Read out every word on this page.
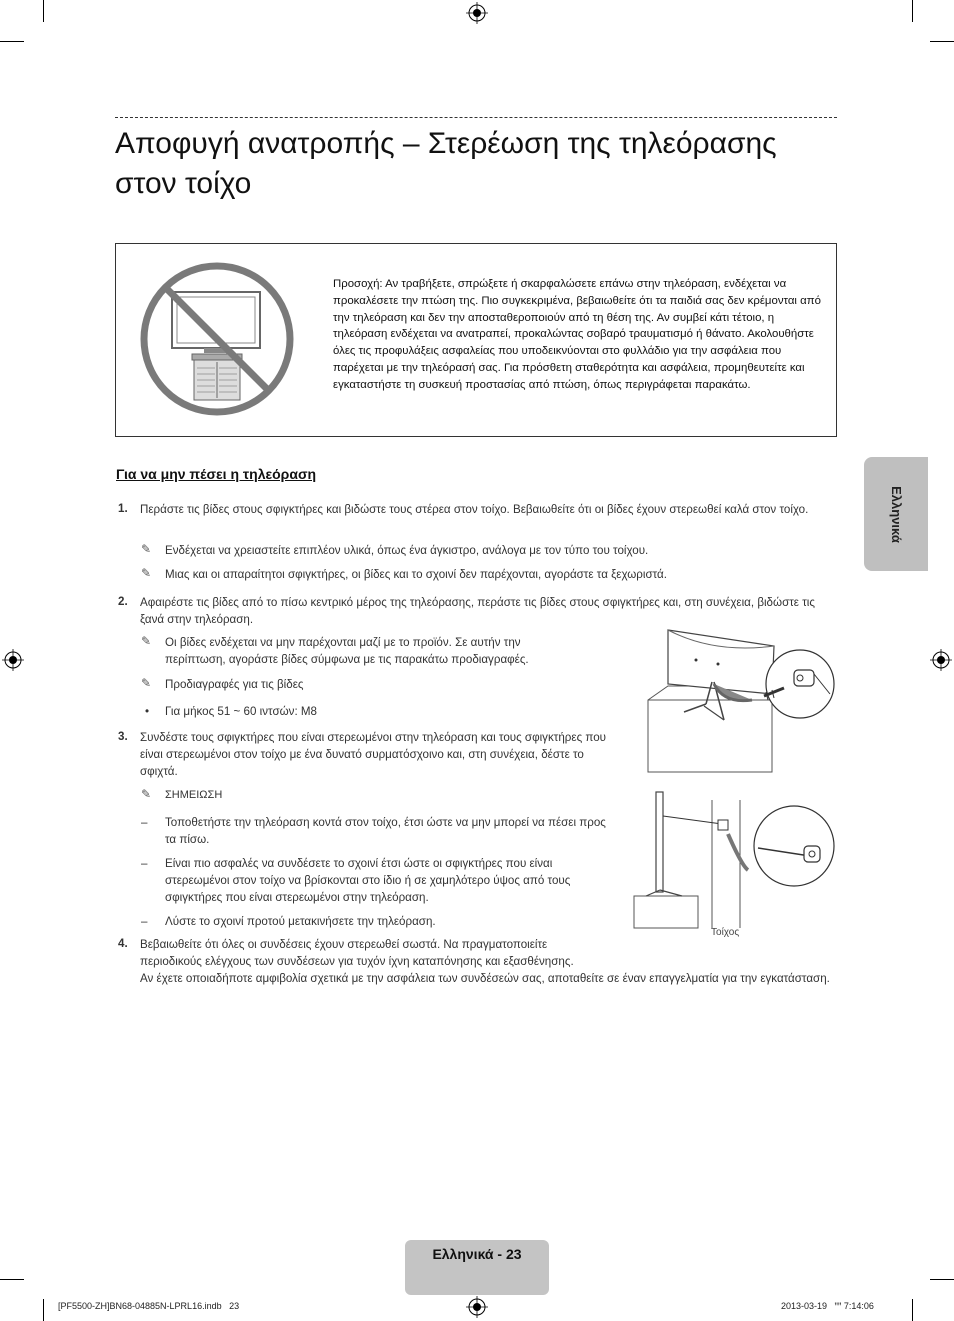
Αποφυγή ανατροπής – Στερέωση της τηλεόρασης στον τοίχο
Προσοχή: Αν τραβήξετε, σπρώξετε ή σκαρφαλώσετε επάνω στην τηλεόραση, ενδέχεται να προκαλέσετε την πτώση της. Πιο συγκεκριμένα, βεβαιωθείτε ότι τα παιδιά σας δεν κρέμονται από την τηλεόραση και δεν την αποσταθεροποιούν από τη θέση της. Αν συμβεί κάτι τέτοιο, η τηλεόραση ενδέχεται να ανατραπεί, προκαλώντας σοβαρό τραυματισμό ή θάνατο. Ακολουθήστε όλες τις προφυλάξεις ασφαλείας που υποδεικνύονται στο φυλλάδιο για την ασφάλεια που παρέχεται με την τηλεόρασή σας. Για πρόσθετη σταθερότητα και ασφάλεια, προμηθευτείτε και εγκαταστήστε τη συσκευή προστασίας από πτώση, όπως περιγράφεται παρακάτω.
Ελληνικά
Για να μην πέσει η τηλεόραση
1. Περάστε τις βίδες στους σφιγκτήρες και βιδώστε τους στέρεα στον τοίχο. Βεβαιωθείτε ότι οι βίδες έχουν στερεωθεί καλά στον τοίχο.
✎ Ενδέχεται να χρειαστείτε επιπλέον υλικά, όπως ένα άγκιστρο, ανάλογα με τον τύπο του τοίχου.
✎ Μιας και οι απαραίτητοι σφιγκτήρες, οι βίδες και το σχοινί δεν παρέχονται, αγοράστε τα ξεχωριστά.
2. Αφαιρέστε τις βίδες από το πίσω κεντρικό μέρος της τηλεόρασης, περάστε τις βίδες στους σφιγκτήρες και, στη συνέχεια, βιδώστε τις ξανά στην τηλεόραση.
✎ Οι βίδες ενδέχεται να μην παρέχονται μαζί με το προϊόν. Σε αυτήν την περίπτωση, αγοράστε βίδες σύμφωνα με τις παρακάτω προδιαγραφές.
✎ Προδιαγραφές για τις βίδες
• Για μήκος 51 ~ 60 ιντσών: M8
3. Συνδέστε τους σφιγκτήρες που είναι στερεωμένοι στην τηλεόραση και τους σφιγκτήρες που είναι στερεωμένοι στον τοίχο με ένα δυνατό συρματόσχοινο και, στη συνέχεια, δέστε το σφιχτά.
✎ ΣΗΜΕΙΩΣΗ
– Τοποθετήστε την τηλεόραση κοντά στον τοίχο, έτσι ώστε να μην μπορεί να πέσει προς τα πίσω.
– Είναι πιο ασφαλές να συνδέσετε το σχοινί έτσι ώστε οι σφιγκτήρες που είναι στερεωμένοι στον τοίχο να βρίσκονται στο ίδιο ή σε χαμηλότερο ύψος από τους σφιγκτήρες που είναι στερεωμένοι στην τηλεόραση.
– Λύστε το σχοινί προτού μετακινήσετε την τηλεόραση.
4. Βεβαιωθείτε ότι όλες οι συνδέσεις έχουν στερεωθεί σωστά. Να πραγματοποιείτε περιοδικούς ελέγχους των συνδέσεων για τυχόν ίχνη καταπόνησης και εξασθένησης.
Αν έχετε οποιαδήποτε αμφιβολία σχετικά με την ασφάλεια των συνδέσεών σας, αποταθείτε σε έναν επαγγελματία για την εγκατάσταση.
Τοίχος
Ελληνικά - 23
[PF5500-ZH]BN68-04885N-LPRL16.indb   23	2013-03-19   ꞌꞌꞌꞌ 7:14:06
